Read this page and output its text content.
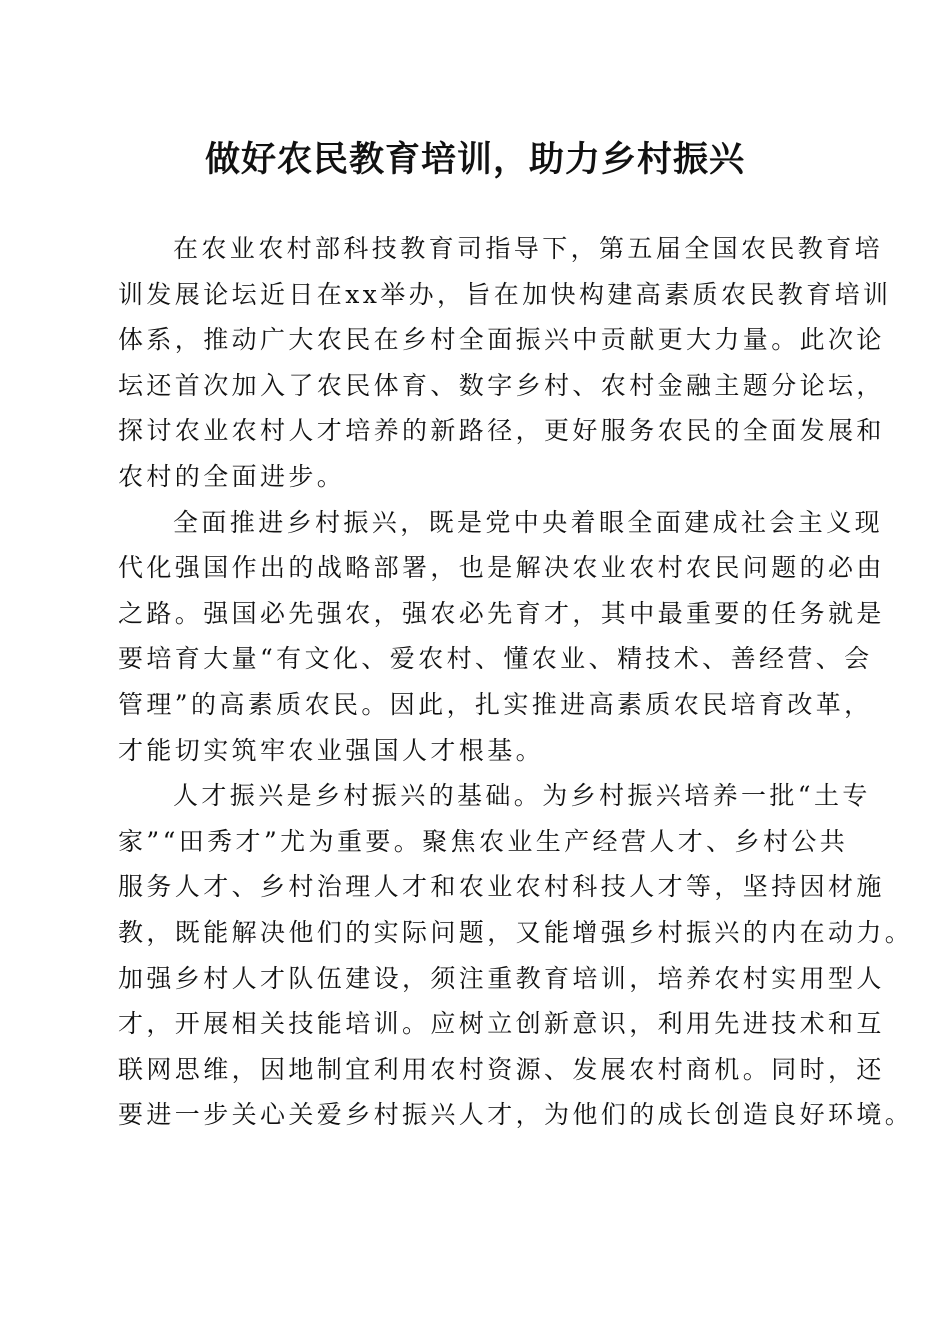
做好农民教育培训，助力乡村振兴
在农业农村部科技教育司指导下，第五届全国农民教育培
训发展论坛近日在xx举办，旨在加快构建高素质农民教育培训
体系，推动广大农民在乡村全面振兴中贡献更大力量。此次论
坛还首次加入了农民体育、数字乡村、农村金融主题分论坛，
探讨农业农村人才培养的新路径，更好服务农民的全面发展和
农村的全面进步。
全面推进乡村振兴，既是党中央着眼全面建成社会主义现
代化强国作出的战略部署，也是解决农业农村农民问题的必由
之路。强国必先强农，强农必先育才，其中最重要的任务就是
要培育大量“有文化、爱农村、懂农业、精技术、善经营、会
管理”的高素质农民。因此，扎实推进高素质农民培育改革，
才能切实筑牢农业强国人才根基。
人才振兴是乡村振兴的基础。为乡村振兴培养一批“土专
家”“田秀才”尤为重要。聚焦农业生产经营人才、乡村公共
服务人才、乡村治理人才和农业农村科技人才等，坚持因材施
教，既能解决他们的实际问题，又能增强乡村振兴的内在动力。
加强乡村人才队伍建设，须注重教育培训，培养农村实用型人
才，开展相关技能培训。应树立创新意识，利用先进技术和互
联网思维，因地制宜利用农村资源、发展农村商机。同时，还
要进一步关心关爱乡村振兴人才，为他们的成长创造良好环境。
